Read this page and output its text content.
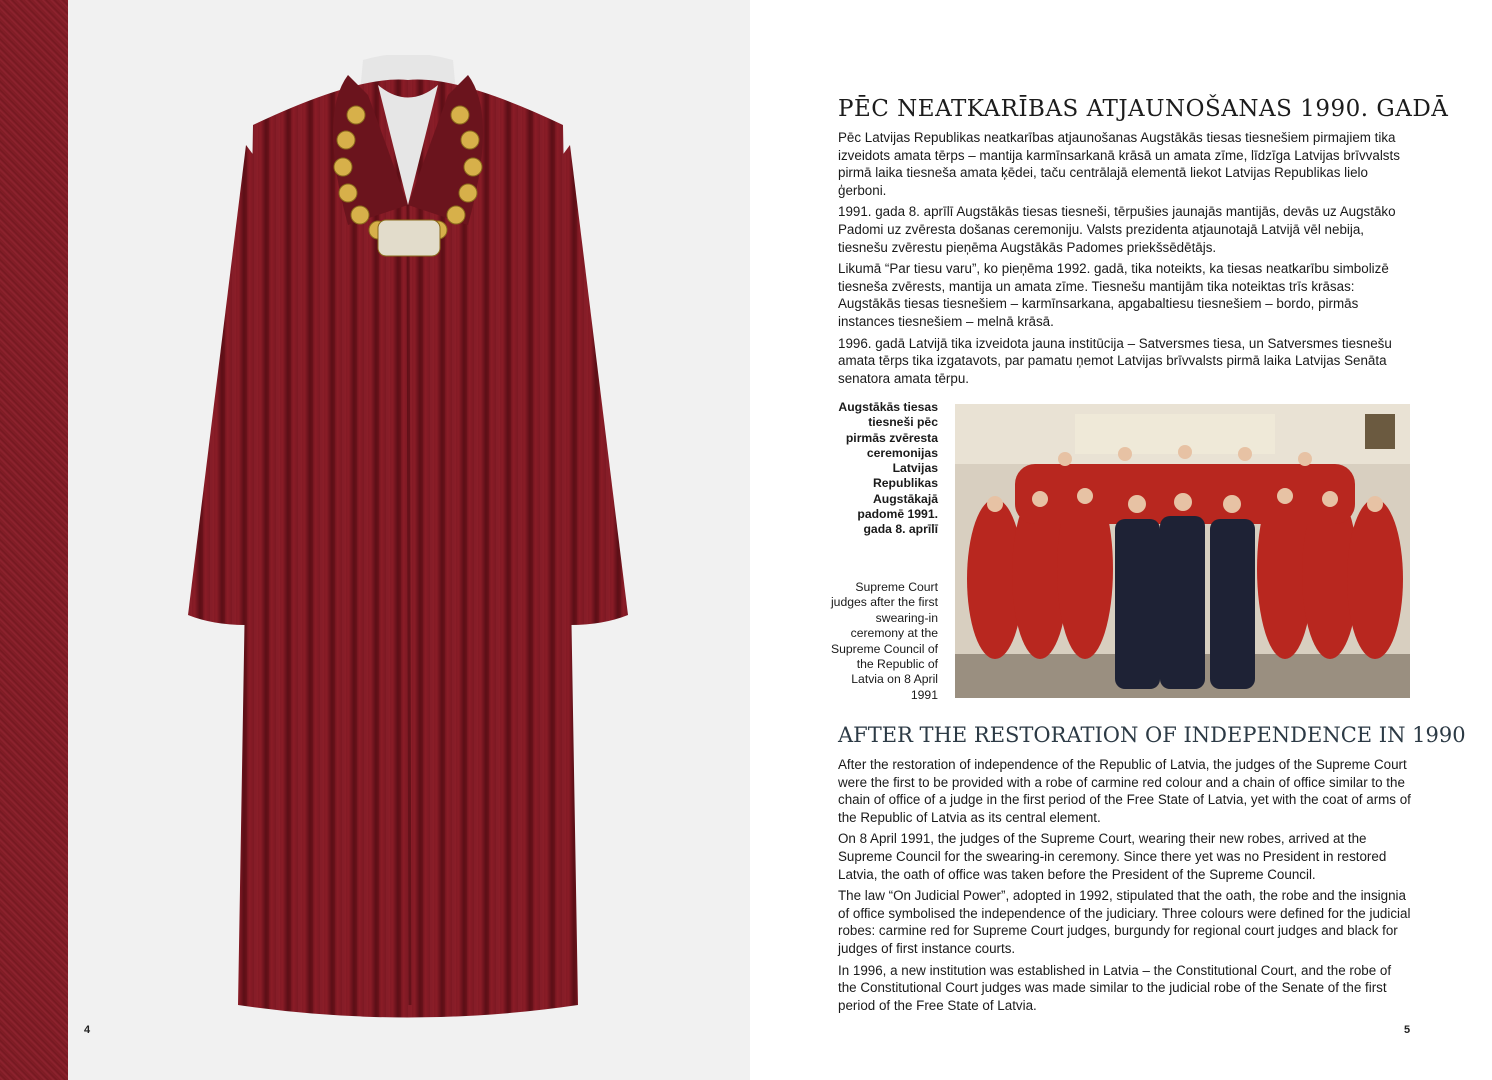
4
PĒC NEATKARĪBAS ATJAUNOŠANAS 1990. GADĀ

Pēc Latvijas Republikas neatkarības atjaunošanas Augstākās tiesas tiesnešiem pirmajiem tika izveidots amata tērps – mantija karmīnsarkanā krāsā un amata zīme, līdzīga Latvijas brīvvalsts pirmā laika tiesneša amata ķēdei, taču centrālajā elementā liekot Latvijas Republikas lielo ģerboni.

1991. gada 8. aprīlī Augstākās tiesas tiesneši, tērpušies jaunajās mantijās, devās uz Augstāko Padomi uz zvēresta došanas ceremoniju. Valsts prezidenta atjaunotajā Latvijā vēl nebija, tiesnešu zvērestu pieņēma Augstākās Padomes priekšsēdētājs.

Likumā “Par tiesu varu”, ko pieņēma 1992. gadā, tika noteikts, ka tiesas neatkarību simbolizē tiesneša zvērests, mantija un amata zīme. Tiesnešu mantijām tika noteiktas trīs krāsas: Augstākās tiesas tiesnešiem – karmīnsarkana, apgabaltiesu tiesnešiem – bordo, pirmās instances tiesnešiem – melnā krāsā.

1996. gadā Latvijā tika izveidota jauna institūcija – Satversmes tiesa, un Satversmes tiesnešu amata tērps tika izgatavots, par pamatu ņemot Latvijas brīvvalsts pirmā laika Latvijas Senāta senatora amata tērpu.

Augstākās tiesas tiesneši pēc pirmās zvēresta ceremonijas Latvijas Republikas Augstākajā padomē 1991. gada 8. aprīlī
Supreme Court judges after the first swearing-in ceremony at the Supreme Council of the Republic of Latvia on 8 April 1991
AFTER THE RESTORATION OF INDEPENDENCE IN 1990

After the restoration of independence of the Republic of Latvia, the judges of the Supreme Court were the first to be provided with a robe of carmine red colour and a chain of office similar to the chain of office of a judge in the first period of the Free State of Latvia, yet with the coat of arms of the Republic of Latvia as its central element.

On 8 April 1991, the judges of the Supreme Court, wearing their new robes, arrived at the Supreme Council for the swearing-in ceremony. Since there yet was no President in restored Latvia, the oath of office was taken before the President of the Supreme Council.

The law “On Judicial Power”, adopted in 1992, stipulated that the oath, the robe and the insignia of office symbolised the independence of the judiciary. Three colours were defined for the judicial robes: carmine red for Supreme Court judges, burgundy for regional court judges and black for judges of first instance courts.

In 1996, a new institution was established in Latvia – the Constitutional Court, and the robe of the Constitutional Court judges was made similar to the judicial robe of the Senate of the first period of the Free State of Latvia.

5
